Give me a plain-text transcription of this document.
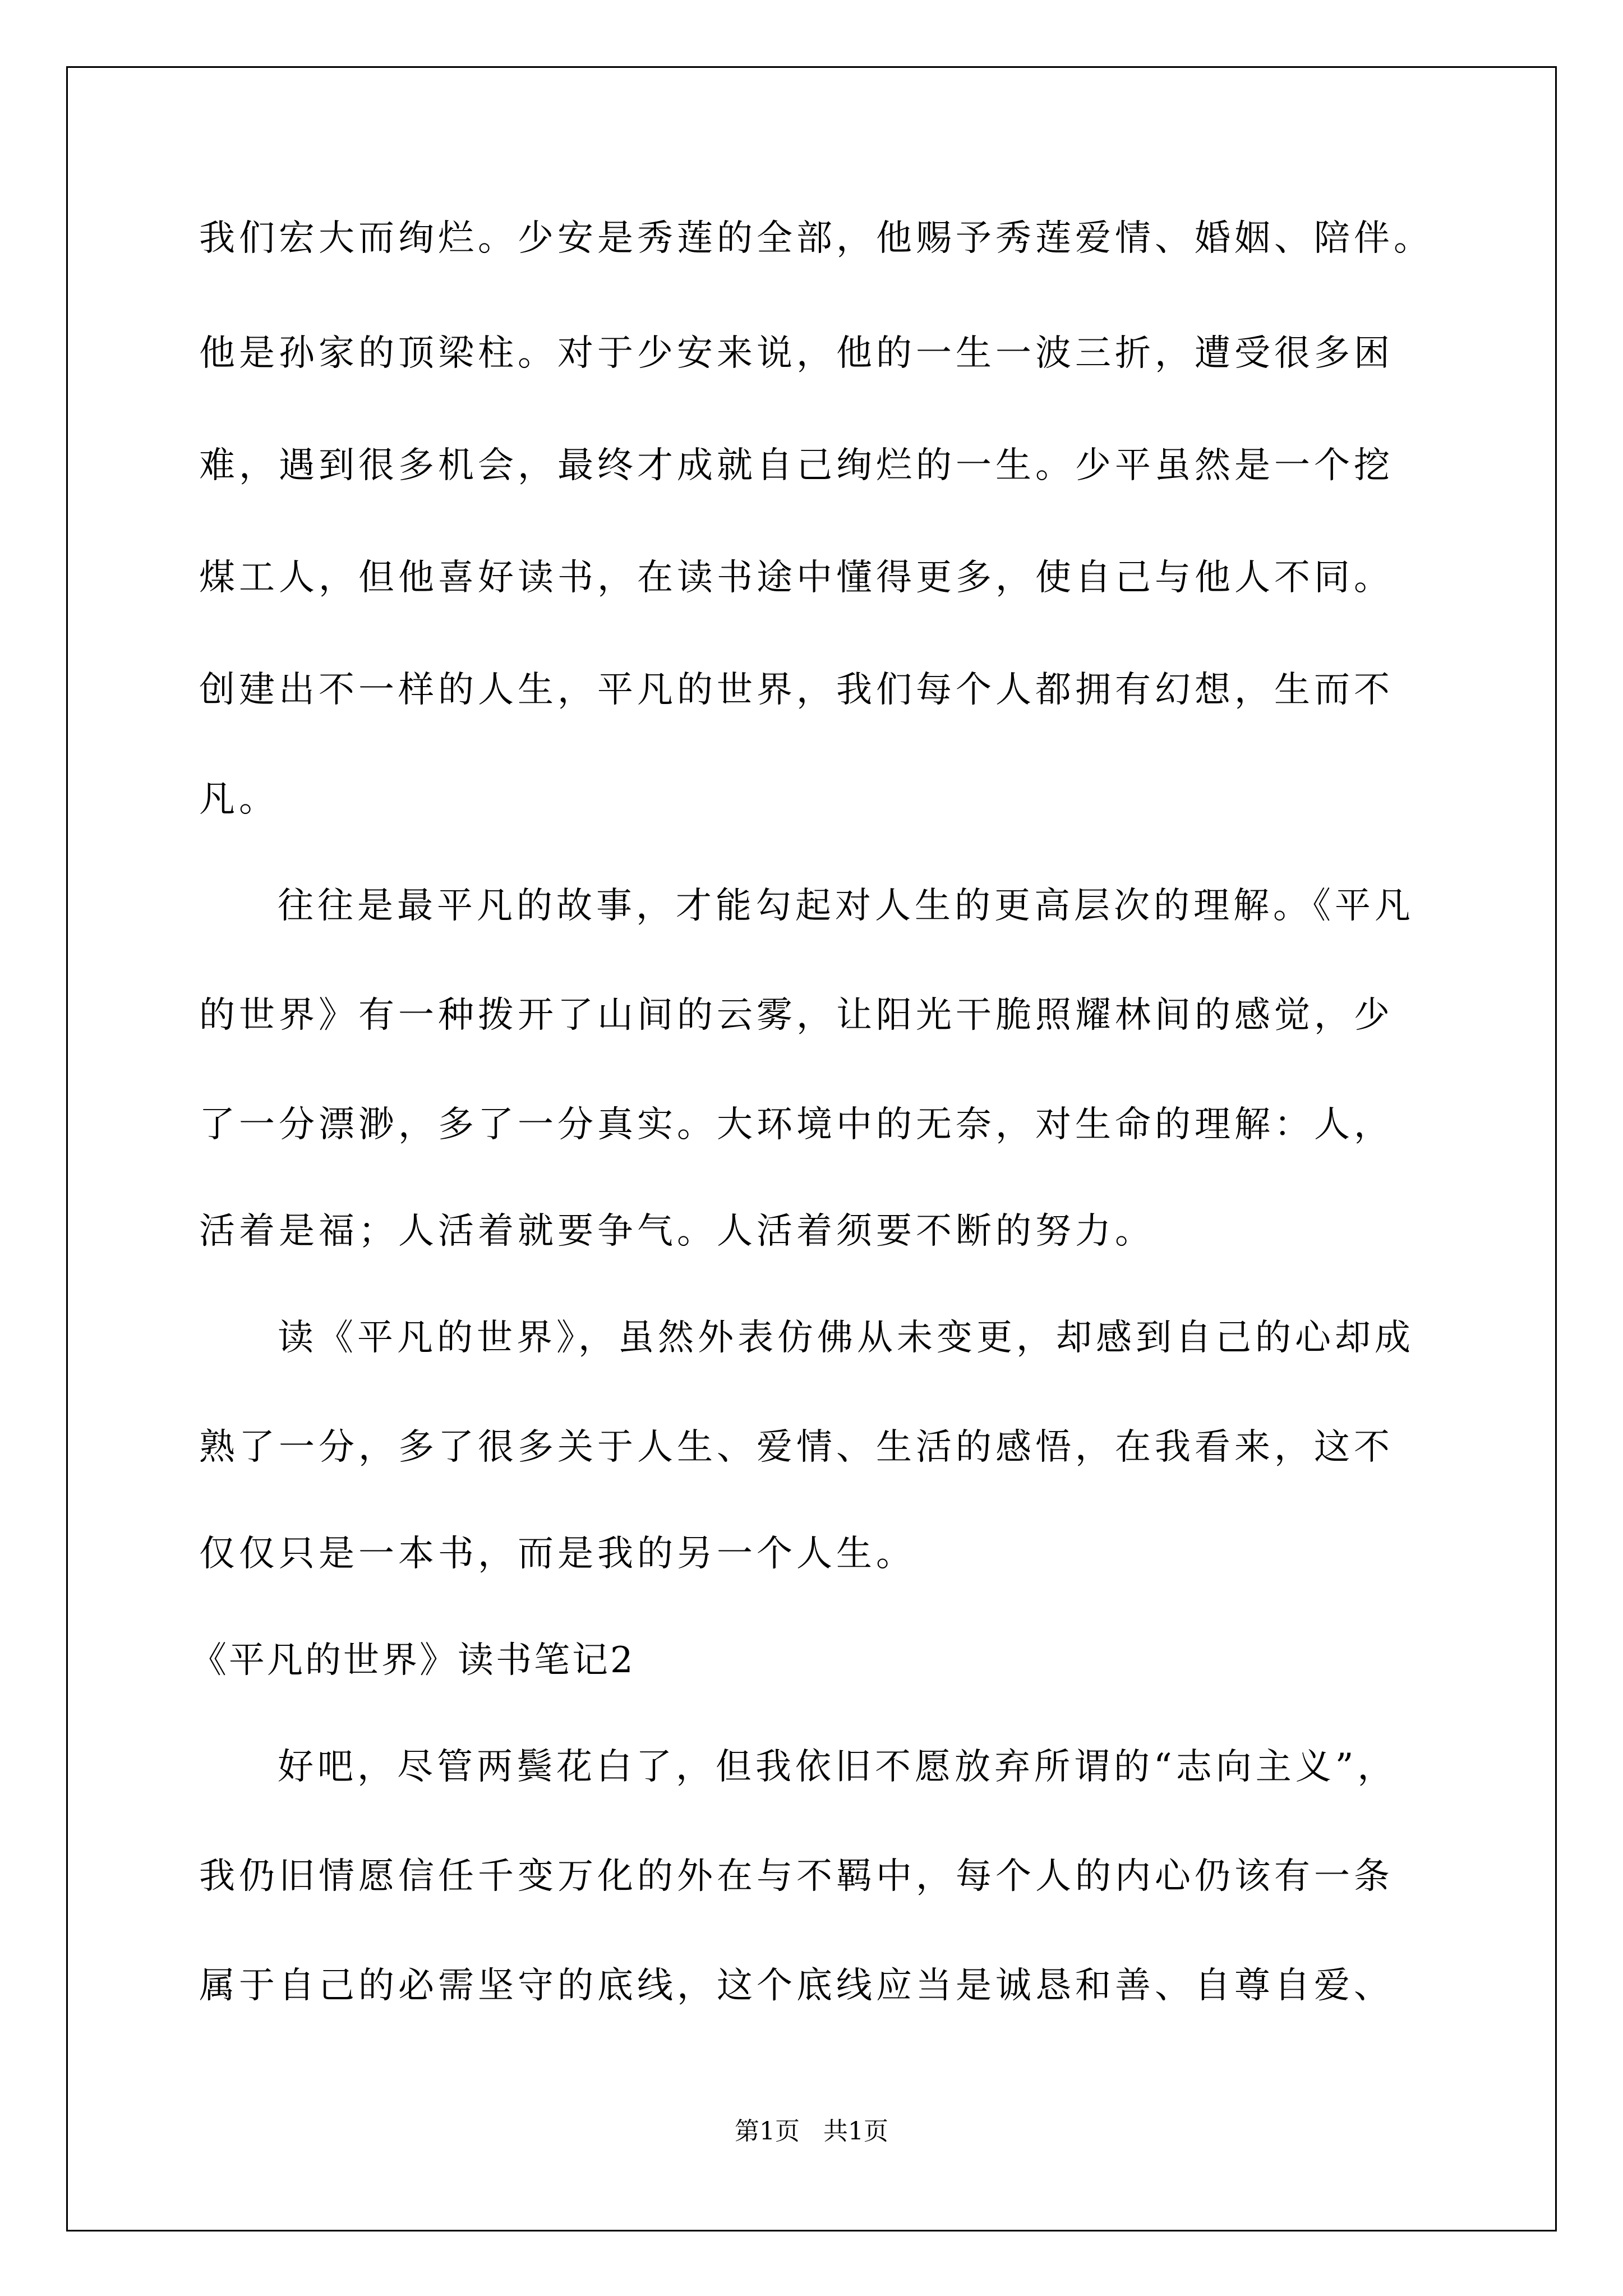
我们宏大而绚烂。少安是秀莲的全部，他赐予秀莲爱情、婚姻、陪伴。
他是孙家的顶梁柱。对于少安来说，他的一生一波三折，遭受很多困
难，遇到很多机会，最终才成就自己绚烂的一生。少平虽然是一个挖
煤工人，但他喜好读书，在读书途中懂得更多，使自己与他人不同。
创建出不一样的人生，平凡的世界，我们每个人都拥有幻想，生而不
凡。
往往是最平凡的故事，才能勾起对人生的更高层次的理解。《平凡
的世界》有一种拨开了山间的云雾，让阳光干脆照耀林间的感觉，少
了一分漂渺，多了一分真实。大环境中的无奈，对生命的理解：人，
活着是福；人活着就要争气。人活着须要不断的努力。
读《平凡的世界》，虽然外表仿佛从未变更，却感到自己的心却成
熟了一分，多了很多关于人生、爱情、生活的感悟，在我看来，这不
仅仅只是一本书，而是我的另一个人生。
《平凡的世界》读书笔记2
好吧，尽管两鬓花白了，但我依旧不愿放弃所谓的“志向主义”，
我仍旧情愿信任千变万化的外在与不羁中，每个人的内心仍该有一条
属于自己的必需坚守的底线，这个底线应当是诚恳和善、自尊自爱、
第1页 共1页
